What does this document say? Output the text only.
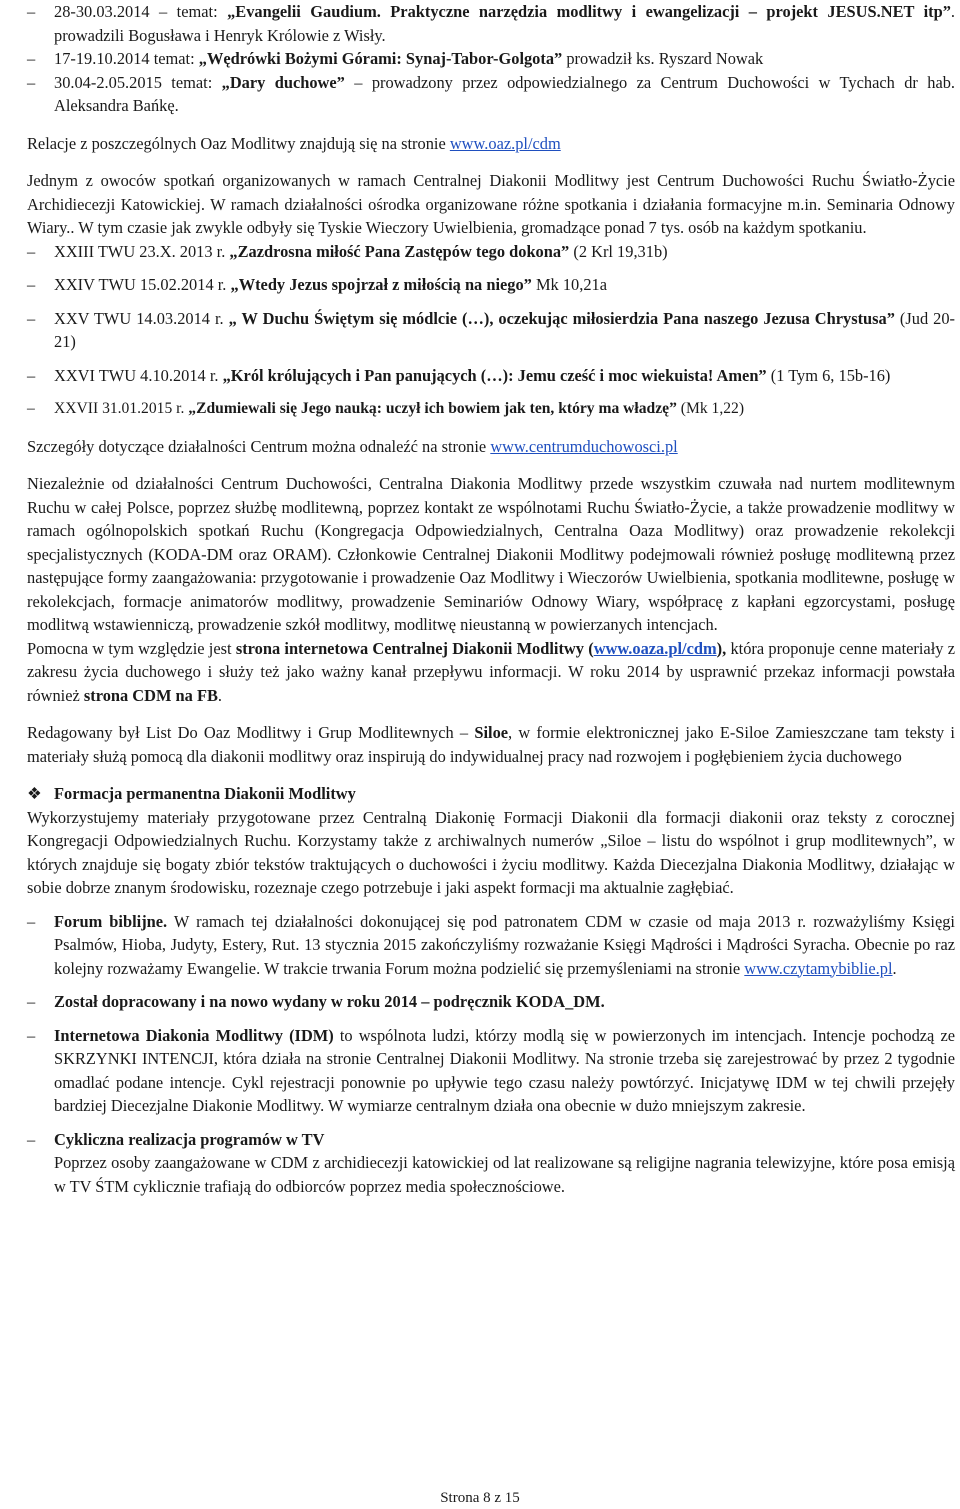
– 28-30.03.2014 – temat: „Evangelii Gaudium. Praktyczne narzędzia modlitwy i ewangelizacji – projekt JESUS.NET itp”. prowadzili Bogusława i Henryk Królowie z Wisły.
– 17-19.10.2014 temat: „Wędrówki Bożymi Górami: Synaj-Tabor-Golgota” prowadził ks. Ryszard Nowak
– 30.04-2.05.2015 temat: „Dary duchowe” – prowadzony przez odpowiedzialnego za Centrum Duchowości w Tychach dr hab. Aleksandra Bańkę.

Relacje z poszczególnych Oaz Modlitwy znajdują się na stronie www.oaz.pl/cdm

Jednym z owoców spotkań organizowanych w ramach Centralnej Diakonii Modlitwy jest Centrum Duchowości Ruchu Światło-Życie Archidiecezji Katowickiej. W ramach działalności ośrodka organizowane różne spotkania i działania formacyjne m.in. Seminaria Odnowy Wiary.. W tym czasie jak zwykle odbyły się Tyskie Wieczory Uwielbienia, gromadzące ponad 7 tys. osób na każdym spotkaniu.

– XXIII TWU 23.X. 2013 r. „Zazdrosna miłość Pana Zastępów tego dokona” (2 Krl 19,31b)
– XXIV TWU 15.02.2014 r. „Wtedy Jezus spojrzał z miłością na niego” Mk 10,21a
– XXV TWU 14.03.2014 r. „ W Duchu Świętym się módlcie (…), oczekując miłosierdzia Pana naszego Jezusa Chrystusa” (Jud 20-21)
– XXVI TWU 4.10.2014 r. „Król królujących i Pan panujących (…): Jemu cześć i moc wiekuista! Amen” (1 Tym 6, 15b-16)
– XXVII 31.01.2015 r. „Zdumiewali się Jego nauką: uczył ich bowiem jak ten, który ma władzę” (Mk 1,22)

Szczegóły dotyczące działalności Centrum można odnaleźć na stronie www.centrumduchowosci.pl

Niezależnie od działalności Centrum Duchowości, Centralna Diakonia Modlitwy przede wszystkim czuwała nad nurtem modlitewnym Ruchu w całej Polsce, poprzez służbę modlitewną, poprzez kontakt ze wspólnotami Ruchu Światło-Życie, a także prowadzenie modlitwy w ramach ogólnopolskich spotkań Ruchu (Kongregacja Odpowiedzialnych, Centralna Oaza Modlitwy) oraz prowadzenie rekolekcji specjalistycznych (KODA-DM oraz ORAM). Członkowie Centralnej Diakonii Modlitwy podejmowali również posługę modlitewną przez następujące formy zaangażowania: przygotowanie i prowadzenie Oaz Modlitwy i Wieczorów Uwielbienia, spotkania modlitewne, posługę w rekolekcjach, formacje animatorów modlitwy, prowadzenie Seminariów Odnowy Wiary, współpracę z kapłani egzorcystami, posługę modlitwą wstawienniczą, prowadzenie szkół modlitwy, modlitwę nieustanną w powierzanych intencjach.

Pomocna w tym względzie jest strona internetowa Centralnej Diakonii Modlitwy (www.oaza.pl/cdm), która proponuje cenne materiały z zakresu życia duchowego i służy też jako ważny kanał przepływu informacji. W roku 2014 by usprawnić przekaz informacji powstała również strona CDM na FB.

Redagowany był List Do Oaz Modlitwy i Grup Modlitewnych – Siloe, w formie elektronicznej jako E-Siloe Zamieszczane tam teksty i materiały służą pomocą dla diakonii modlitwy oraz inspirują do indywidualnej pracy nad rozwojem i pogłębieniem życia duchowego

❖ Formacja permanentna Diakonii Modlitwy

Wykorzystujemy materiały przygotowane przez Centralną Diakonię Formacji Diakonii dla formacji diakonii oraz teksty z corocznej Kongregacji Odpowiedzialnych Ruchu. Korzystamy także z archiwalnych numerów „Siloe – listu do wspólnot i grup modlitewnych”, w których znajduje się bogaty zbiór tekstów traktujących o duchowości i życiu modlitwy. Każda Diecezjalna Diakonia Modlitwy, działając w sobie dobrze znanym środowisku, rozeznaje czego potrzebuje i jaki aspekt formacji ma aktualnie zagłębiać.

– Forum biblijne. W ramach tej działalności dokonującej się pod patronatem CDM w czasie od maja 2013 r. rozważyliśmy Księgi Psalmów, Hioba, Judyty, Estery, Rut. 13 stycznia 2015 zakończyliśmy rozważanie Księgi Mądrości i Mądrości Syracha. Obecnie po raz kolejny rozważamy Ewangelie. W trakcie trwania Forum można podzielić się przemyśleniami na stronie www.czytamybiblie.pl.
– Został dopracowany i na nowo wydany w roku 2014 – podręcznik KODA_DM.
– Internetowa Diakonia Modlitwy (IDM) to wspólnota ludzi, którzy modlą się w powierzonych im intencjach. Intencje pochodzą ze SKRZYNKI INTENCJI, która działa na stronie Centralnej Diakonii Modlitwy. Na stronie trzeba się zarejestrować by przez 2 tygodnie omadlać podane intencje. Cykl rejestracji ponownie po upływie tego czasu należy powtórzyć. Inicjatywę IDM w tej chwili przejęły bardziej Diecezjalne Diakonie Modlitwy. W wymiarze centralnym działa ona obecnie w dużo mniejszym zakresie.
– Cykliczna realizacja programów w TV
Poprzez osoby zaangażowane w CDM z archidiecezji katowickiej od lat realizowane są religijne nagrania telewizyjne, które posa emisją w TV ŚTM cyklicznie trafiają do odbiorców poprzez media społecznościowe.
Strona 8 z 15
